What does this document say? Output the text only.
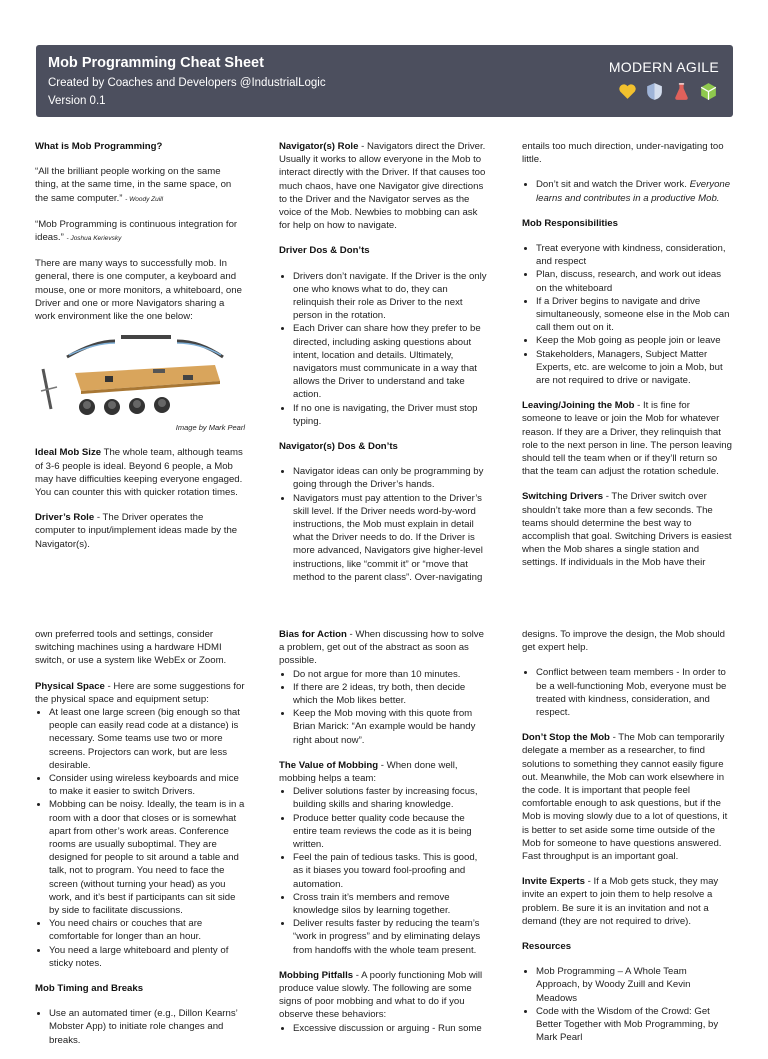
Mob Programming Cheat Sheet
Created by Coaches and Developers @IndustrialLogic
Version 0.1
MODERN AGILE

What is Mob Programming?

“All the brilliant people working on the same thing, at the same time, in the same space, on the same computer.” - Woody Zuill

“Mob Programming is continuous integration for ideas.” - Joshua Kerievsky

There are many ways to successfully mob. In general, there is one computer, a keyboard and mouse, one or more monitors, a whiteboard, one Driver and one or more Navigators sharing a work environment like the one below:

Image by Mark Pearl

Ideal Mob Size The whole team, although teams of 3-6 people is ideal. Beyond 6 people, a Mob may have difficulties keeping everyone engaged. You can counter this with quicker rotation times.

Driver’s Role - The Driver operates the computer to input/implement ideas made by the Navigator(s).

Navigator(s) Role - Navigators direct the Driver. Usually it works to allow everyone in the Mob to interact directly with the Driver. If that causes too much chaos, have one Navigator give directions to the Driver and the Navigator serves as the voice of the Mob. Newbies to mobbing can ask for help on how to navigate.

Driver Dos & Don’ts

• Drivers don’t navigate. If the Driver is the only one who knows what to do, they can relinquish their role as Driver to the next person in the rotation.
• Each Driver can share how they prefer to be directed, including asking questions about intent, location and details. Ultimately, navigators must communicate in a way that allows the Driver to understand and take action.
• If no one is navigating, the Driver must stop typing.

Navigator(s) Dos & Don’ts

• Navigator ideas can only be programming by going through the Driver’s hands.
• Navigators must pay attention to the Driver’s skill level. If the Driver needs word-by-word instructions, the Mob must explain in detail what the Driver needs to do. If the Driver is more advanced, Navigators give higher-level instructions, like “commit it” or “move that method to the parent class”. Over-navigating

entails too much direction, under-navigating too little.

• Don’t sit and watch the Driver work. Everyone learns and contributes in a productive Mob.

Mob Responsibilities

• Treat everyone with kindness, consideration, and respect
• Plan, discuss, research, and work out ideas on the whiteboard
• If a Driver begins to navigate and drive simultaneously, someone else in the Mob can call them out on it.
• Keep the Mob going as people join or leave
• Stakeholders, Managers, Subject Matter Experts, etc. are welcome to join a Mob, but are not required to drive or navigate.

Leaving/Joining the Mob - It is fine for someone to leave or join the Mob for whatever reason. If they are a Driver, they relinquish that role to the next person in line. The person leaving should tell the team when or if they’ll return so that the team can adjust the rotation schedule.

Switching Drivers - The Driver switch over shouldn’t take more than a few seconds. The teams should determine the best way to accomplish that goal. Switching Drivers is easiest when the Mob shares a single station and settings. If individuals in the Mob have their

own preferred tools and settings, consider switching machines using a hardware HDMI switch, or use a system like WebEx or Zoom.

Physical Space - Here are some suggestions for the physical space and equipment setup:

• At least one large screen (big enough so that people can easily read code at a distance) is necessary. Some teams use two or more screens. Projectors can work, but are less desirable.
• Consider using wireless keyboards and mice to make it easier to switch Drivers.
• Mobbing can be noisy. Ideally, the team is in a room with a door that closes or is somewhat apart from other’s work areas. Conference rooms are usually suboptimal. They are designed for people to sit around a table and talk, not to program. You need to face the screen (without turning your head) as you work, and it’s best if participants can sit side by side to facilitate discussions.
• You need chairs or couches that are comfortable for longer than an hour.
• You need a large whiteboard and plenty of sticky notes.

Mob Timing and Breaks

• Use an automated timer (e.g., Dillon Kearns’ Mobster App) to initiate role changes and breaks.

Bias for Action - When discussing how to solve a problem, get out of the abstract as soon as possible.

• Do not argue for more than 10 minutes.
• If there are 2 ideas, try both, then decide which the Mob likes better.
• Keep the Mob moving with this quote from Brian Marick: “An example would be handy right about now”.

The Value of Mobbing - When done well, mobbing helps a team:

• Deliver solutions faster by increasing focus, building skills and sharing knowledge.
• Produce better quality code because the entire team reviews the code as it is being written.
• Feel the pain of tedious tasks. This is good, as it biases you toward fool-proofing and automation.
• Cross train it’s members and remove knowledge silos by learning together.
• Deliver results faster by reducing the team’s “work in progress” and by eliminating delays from handoffs with the whole team present.

Mobbing Pitfalls - A poorly functioning Mob will produce value slowly. The following are some signs of poor mobbing and what to do if you observe these behaviors:

• Excessive discussion or arguing - Run some

designs. To improve the design, the Mob should get expert help.

• Conflict between team members - In order to be a well-functioning Mob, everyone must be treated with kindness, consideration, and respect.

Don’t Stop the Mob - The Mob can temporarily delegate a member as a researcher, to find solutions to something they cannot easily figure out. Meanwhile, the Mob can work elsewhere in the code. It is important that people feel comfortable enough to ask questions, but if the Mob is moving slowly due to a lot of questions, it is better to set aside some time outside of the Mob for someone to have questions answered. Fast throughput is an important goal.

Invite Experts - If a Mob gets stuck, they may invite an expert to join them to help resolve a problem. Be sure it is an invitation and not a demand (they are not required to drive).

Resources

• Mob Programming – A Whole Team Approach, by Woody Zuill and Kevin Meadows
• Code with the Wisdom of the Crowd: Get Better Together with Mob Programming, by Mark Pearl
